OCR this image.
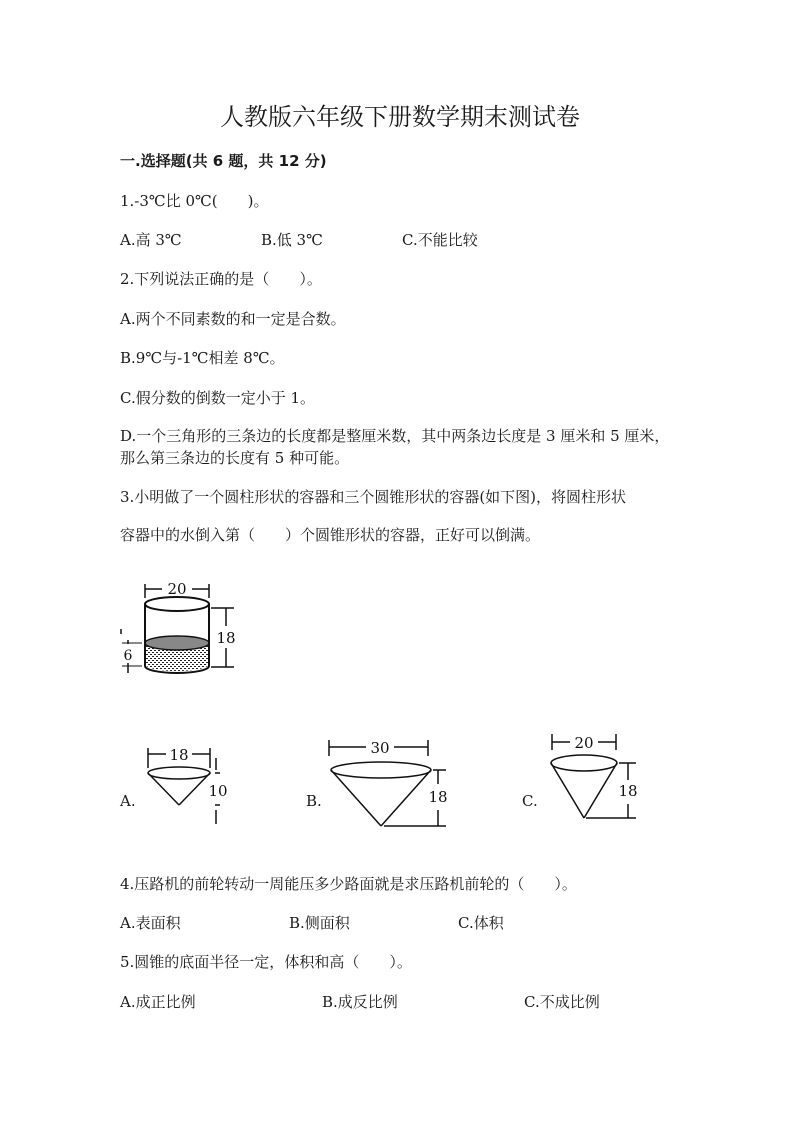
人教版六年级下册数学期末测试卷
一.选择题(共 6 题，共 12 分)
1.-3℃比 0℃(　　)。
A.高 3℃	B.低 3℃	C.不能比较
2.下列说法正确的是（　　）。
A.两个不同素数的和一定是合数。
B.9℃与-1℃相差 8℃。
C.假分数的倒数一定小于 1。
D.一个三角形的三条边的长度都是整厘米数，其中两条边长度是 3 厘米和 5 厘米，那么第三条边的长度有 5 种可能。
3.小明做了一个圆柱形状的容器和三个圆锥形状的容器(如下图)，将圆柱形状
容器中的水倒入第（　　）个圆锥形状的容器，正好可以倒满。
20
18
6
A.
18
10
B.
30
18	C.
20
18
4.压路机的前轮转动一周能压多少路面就是求压路机前轮的（　　）。
A.表面积	B.侧面积	C.体积
5.圆锥的底面半径一定，体积和高（　　）。
A.成正比例	B.成反比例	C.不成比例
